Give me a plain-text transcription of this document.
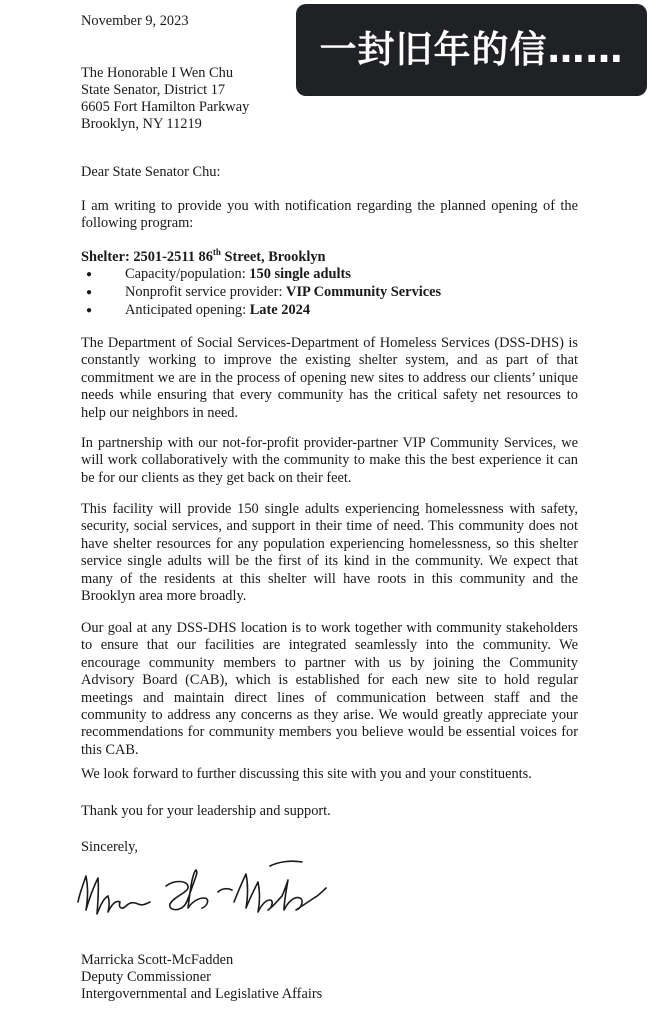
November 9, 2023
一封旧年的信……
The Honorable I Wen Chu
State Senator, District 17
6605 Fort Hamilton Parkway
Brooklyn, NY 11219
Dear State Senator Chu:
I am writing to provide you with notification regarding the planned opening of the following program:
Shelter: 2501-2511 86th Street, Brooklyn
● Capacity/population: 150 single adults
● Nonprofit service provider: VIP Community Services
● Anticipated opening: Late 2024
The Department of Social Services-Department of Homeless Services (DSS-DHS) is constantly working to improve the existing shelter system, and as part of that commitment we are in the process of opening new sites to address our clients’ unique needs while ensuring that every community has the critical safety net resources to help our neighbors in need.
In partnership with our not-for-profit provider-partner VIP Community Services, we will work collaboratively with the community to make this the best experience it can be for our clients as they get back on their feet.
This facility will provide 150 single adults experiencing homelessness with safety, security, social services, and support in their time of need. This community does not have shelter resources for any population experiencing homelessness, so this shelter service single adults will be the first of its kind in the community. We expect that many of the residents at this shelter will have roots in this community and the Brooklyn area more broadly.
Our goal at any DSS-DHS location is to work together with community stakeholders to ensure that our facilities are integrated seamlessly into the community. We encourage community members to partner with us by joining the Community Advisory Board (CAB), which is established for each new site to hold regular meetings and maintain direct lines of communication between staff and the community to address any concerns as they arise. We would greatly appreciate your recommendations for community members you believe would be essential voices for this CAB.
We look forward to further discussing this site with you and your constituents.
Thank you for your leadership and support.
Sincerely,
Marricka Scott-McFadden
Deputy Commissioner
Intergovernmental and Legislative Affairs
